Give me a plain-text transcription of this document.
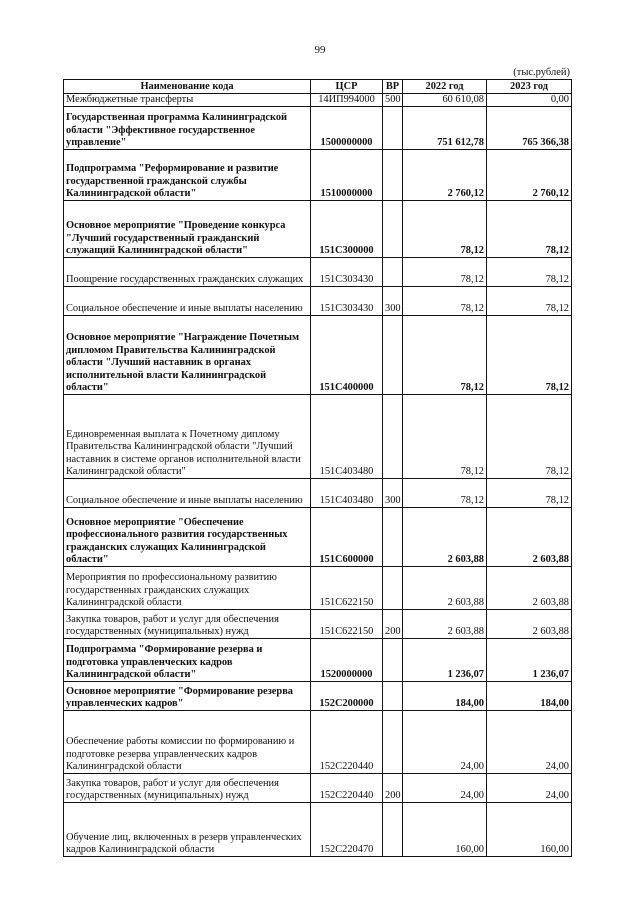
99
(тыс.рублей)
Наименование кода	ЦСР	ВР	2022 год	2023 год
Межбюджетные трансферты	14ИП994000	500	60 610,08	0,00
Государственная программа Калининградской области "Эффективное государственное управление"	1500000000		751 612,78	765 366,38
Подпрограмма "Реформирование и развитие государственной гражданской службы Калининградской области"	1510000000		2 760,12	2 760,12
Основное мероприятие "Проведение конкурса "Лучший государственный гражданский служащий Калининградской области"	151С300000		78,12	78,12
Поощрение государственных гражданских служащих	151С303430		78,12	78,12
Социальное обеспечение и иные выплаты населению	151С303430	300	78,12	78,12
Основное мероприятие "Награждение Почетным дипломом Правительства Калининградской области "Лучший наставник в органах исполнительной власти Калининградской области"	151С400000		78,12	78,12
Единовременная выплата к Почетному диплому Правительства Калининградской области "Лучший наставник в системе органов исполнительной власти Калининградской области"	151С403480		78,12	78,12
Социальное обеспечение и иные выплаты населению	151С403480	300	78,12	78,12
Основное мероприятие "Обеспечение профессионального развития государственных гражданских служащих Калининградской области"	151С600000		2 603,88	2 603,88
Мероприятия по профессиональному развитию государственных гражданских служащих Калининградской области	151С622150		2 603,88	2 603,88
Закупка товаров, работ и услуг для обеспечения государственных (муниципальных) нужд	151С622150	200	2 603,88	2 603,88
Подпрограмма "Формирование резерва и подготовка управленческих кадров Калининградской области"	1520000000		1 236,07	1 236,07
Основное мероприятие "Формирование резерва управленческих кадров"	152С200000		184,00	184,00
Обеспечение работы комиссии по формированию и подготовке резерва управленческих кадров Калининградской области	152С220440		24,00	24,00
Закупка товаров, работ и услуг для обеспечения государственных (муниципальных) нужд	152С220440	200	24,00	24,00
Обучение лиц, включенных в резерв управленческих кадров Калининградской области	152С220470		160,00	160,00
